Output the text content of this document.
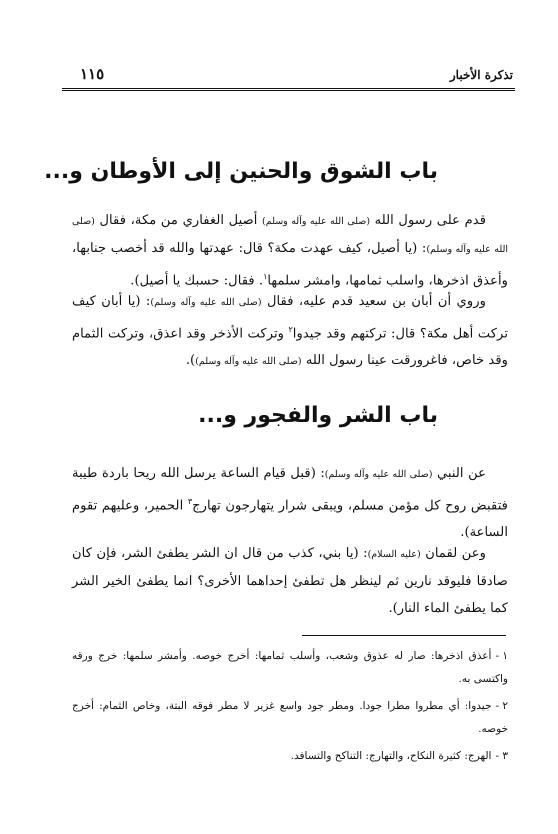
تذكرة الأخبار
١١٥
باب الشوق والحنين إلى الأوطان و...

قدم على رسول الله (صلى الله عليه وآله وسلم) أصيل الغفاري من مكة، فقال (صلى الله عليه وآله وسلم): (يا أصيل، كيف عهدت مكة؟ قال: عهدتها والله قد أخصب جنابها، وأعذق اذخرها، واسلب ثمامها، وامشر سلمها$^١$. فقال: حسبك يا أصيل).

وروي أن أبان بن سعيد قدم عليه، فقال (صلى الله عليه وآله وسلم): (يا أبان كيف تركت أهل مكة؟ قال: تركتهم وقد جيدوا$^٢$ وتركت الأذخر وقد اعذق، وتركت الثمام وقد خاص، فاغرورقت عينا رسول الله (صلى الله عليه وآله وسلم)).

باب الشر والفجور و...

عن النبي (صلى الله عليه وآله وسلم): (قبل قيام الساعة يرسل الله ريحا باردة طيبة فتقبض روح كل مؤمن مسلم، ويبقى شرار يتهارجون تهارج$^٣$ الحمير، وعليهم تقوم الساعة).

وعن لقمان (عليه السلام): (يا بني، كذب من قال ان الشر يطفئ الشر، فإن كان صادقا فليوقد نارين ثم لينظر هل تطفئ إحداهما الأخرى؟ انما يطفئ الخير الشر كما يطفئ الماء النار).

١ -أعذق اذخرها: صار له عذوق وشعب، وأسلب ثمامها: أخرج خوصه. وأمشر سلمها: خرج ورقه واكتسى به.

٢ -جيدوا: أي مطروا مطرا جودا. ومطر جود واسع غزير لا مطر فوقه البتة، وخاص الثمام: أخرج خوصه.

٣ -الهرج: كثيرة النكاح، والتهارج: التناكح والتسافد.
